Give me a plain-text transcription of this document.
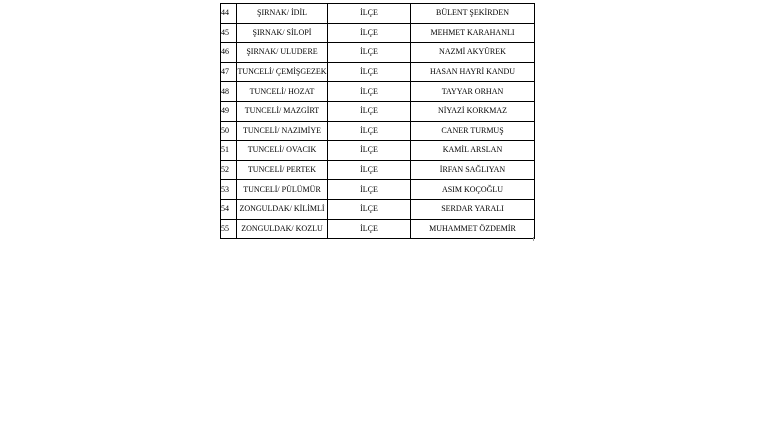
44	ŞIRNAK/ İDİL	İLÇE	BÜLENT ŞEKİRDEN
45	ŞIRNAK/ SİLOPİ	İLÇE	MEHMET KARAHANLI
46	ŞIRNAK/ ULUDERE	İLÇE	NAZMİ AKYÜREK
47	TUNCELİ/ ÇEMİŞGEZEK	İLÇE	HASAN HAYRİ KANDU
48	TUNCELİ/ HOZAT	İLÇE	TAYYAR ORHAN
49	TUNCELİ/ MAZGİRT	İLÇE	NİYAZİ KORKMAZ
50	TUNCELİ/ NAZIMİYE	İLÇE	CANER TURMUŞ
51	TUNCELİ/ OVACIK	İLÇE	KAMİL ARSLAN
52	TUNCELİ/ PERTEK	İLÇE	İRFAN SAĞLIYAN
53	TUNCELİ/ PÜLÜMÜR	İLÇE	ASIM KOÇOĞLU
54	ZONGULDAK/ KİLİMLİ	İLÇE	SERDAR YARALI
55	ZONGULDAK/ KOZLU	İLÇE	MUHAMMET ÖZDEMİR
